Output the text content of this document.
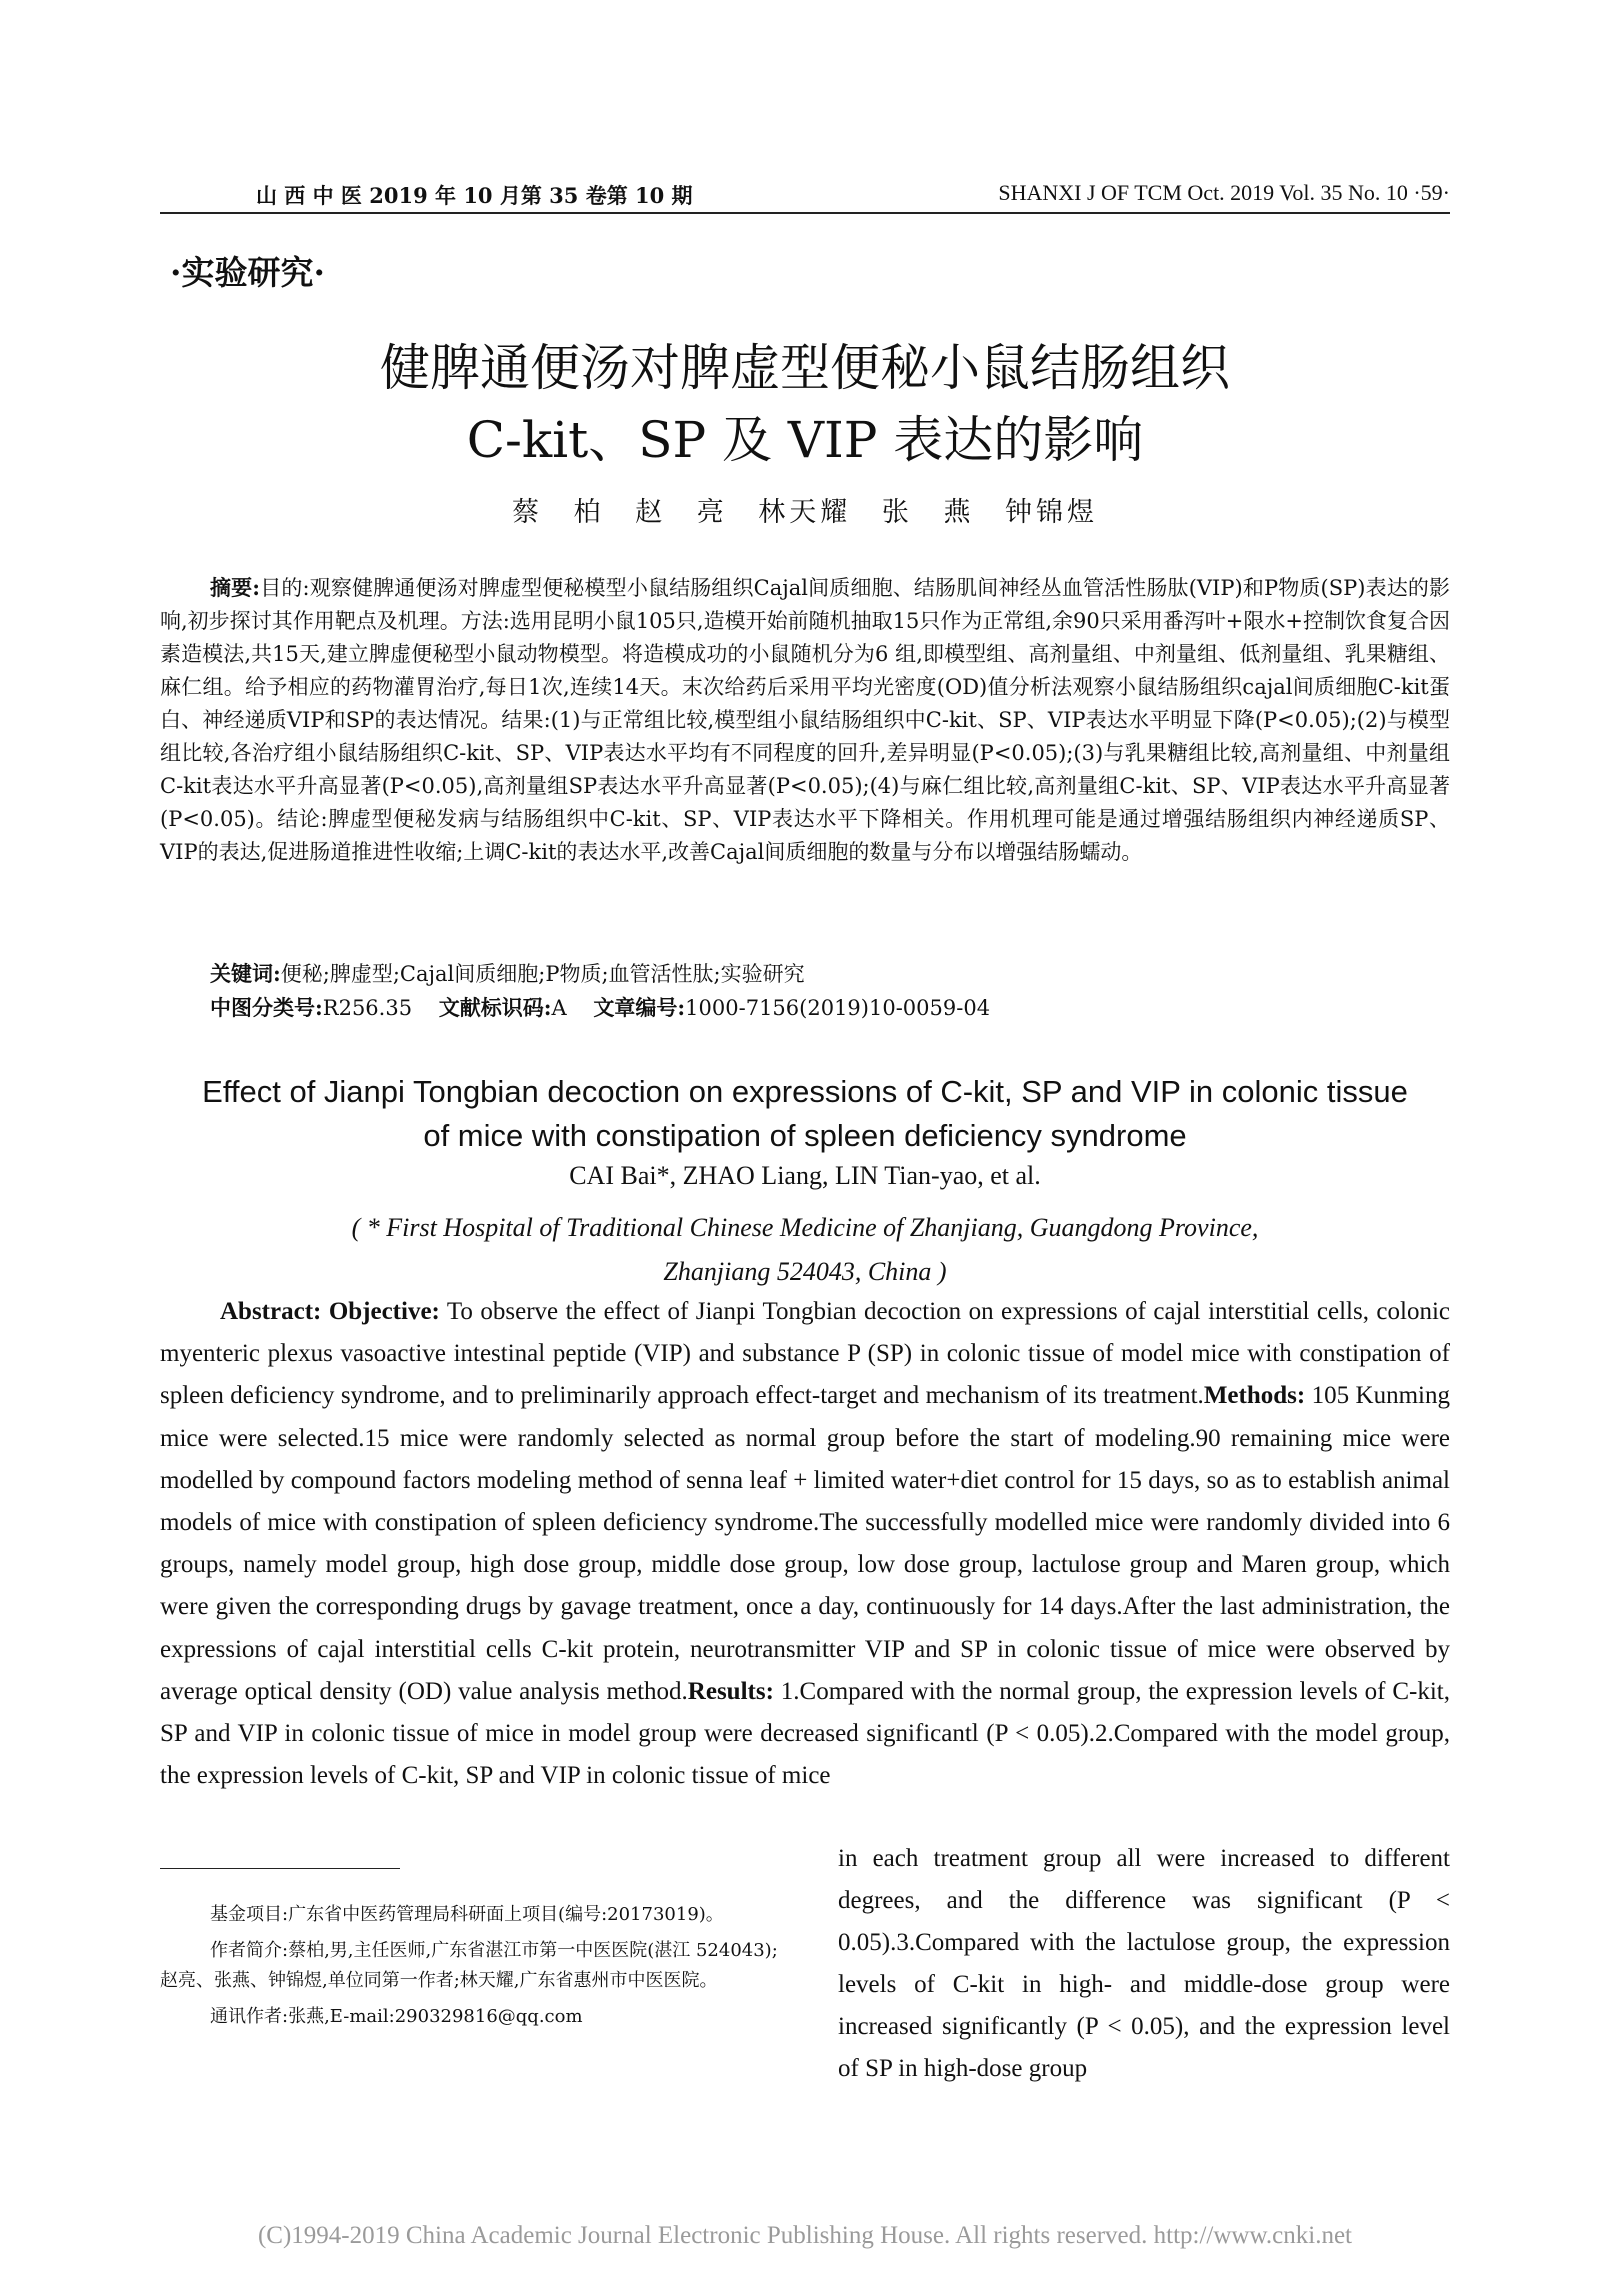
山 西 中 医 2019 年 10 月第 35 卷第 10 期	SHANXI J OF TCM Oct. 2019 Vol. 35 No. 10 ·59·
·实验研究·
健脾通便汤对脾虚型便秘小鼠结肠组织
C-kit、SP 及 VIP 表达的影响
蔡 柏 赵 亮 林天耀 张 燕 钟锦煜
摘要:目的:观察健脾通便汤对脾虚型便秘模型小鼠结肠组织Cajal间质细胞、结肠肌间神经丛血管活性肠肽(VIP)和P物质(SP)表达的影响,初步探讨其作用靶点及机理。方法:选用昆明小鼠105只,造模开始前随机抽取15只作为正常组,余90只采用番泻叶+限水+控制饮食复合因素造模法,共15天,建立脾虚便秘型小鼠动物模型。将造模成功的小鼠随机分为6 组,即模型组、高剂量组、中剂量组、低剂量组、乳果糖组、麻仁组。给予相应的药物灌胃治疗,每日1次,连续14天。末次给药后采用平均光密度(OD)值分析法观察小鼠结肠组织cajal间质细胞C-kit蛋白、神经递质VIP和SP的表达情况。结果:(1)与正常组比较,模型组小鼠结肠组织中C-kit、SP、VIP表达水平明显下降(P<0.05);(2)与模型组比较,各治疗组小鼠结肠组织C-kit、SP、VIP表达水平均有不同程度的回升,差异明显(P<0.05);(3)与乳果糖组比较,高剂量组、中剂量组C-kit表达水平升高显著(P<0.05),高剂量组SP表达水平升高显著(P<0.05);(4)与麻仁组比较,高剂量组C-kit、SP、VIP表达水平升高显著(P<0.05)。结论:脾虚型便秘发病与结肠组织中C-kit、SP、VIP表达水平下降相关。作用机理可能是通过增强结肠组织内神经递质SP、VIP的表达,促进肠道推进性收缩;上调C-kit的表达水平,改善Cajal间质细胞的数量与分布以增强结肠蠕动。
关键词:便秘;脾虚型;Cajal间质细胞;P物质;血管活性肽;实验研究
中图分类号:R256.35 文献标识码:A 文章编号:1000-7156(2019)10-0059-04
Effect of Jianpi Tongbian decoction on expressions of C-kit, SP and VIP in colonic tissue
of mice with constipation of spleen deficiency syndrome
CAI Bai*, ZHAO Liang, LIN Tian-yao, et al.
( * First Hospital of Traditional Chinese Medicine of Zhanjiang, Guangdong Province,
Zhanjiang 524043, China )
Abstract: Objective: To observe the effect of Jianpi Tongbian decoction on expressions of cajal interstitial cells, colonic myenteric plexus vasoactive intestinal peptide (VIP) and substance P (SP) in colonic tissue of model mice with constipation of spleen deficiency syndrome, and to preliminarily approach effect-target and mechanism of its treatment.Methods: 105 Kunming mice were selected.15 mice were randomly selected as normal group before the start of modeling.90 remaining mice were modelled by compound factors modeling method of senna leaf + limited water+diet control for 15 days, so as to establish animal models of mice with constipation of spleen deficiency syndrome.The successfully modelled mice were randomly divided into 6 groups, namely model group, high dose group, middle dose group, low dose group, lactulose group and Maren group, which were given the corresponding drugs by gavage treatment, once a day, continuously for 14 days.After the last administration, the expressions of cajal interstitial cells C-kit protein, neurotransmitter VIP and SP in colonic tissue of mice were observed by average optical density (OD) value analysis method.Results: 1.Compared with the normal group, the expression levels of C-kit, SP and VIP in colonic tissue of mice in model group were decreased significantl (P < 0.05).2.Compared with the model group, the expression levels of C-kit, SP and VIP in colonic tissue of mice
in each treatment group all were increased to different degrees, and the difference was significant (P < 0.05).3.Compared with the lactulose group, the expression levels of C-kit in high- and middle-dose group were increased significantly (P < 0.05), and the expression level of SP in high-dose group

基金项目:广东省中医药管理局科研面上项目(编号:20173019)。

作者简介:蔡柏,男,主任医师,广东省湛江市第一中医医院(湛江 524043);赵亮、张燕、钟锦煜,单位同第一作者;林天耀,广东省惠州市中医医院。

通讯作者:张燕,E-mail:290329816@qq.com

(C)1994-2019 China Academic Journal Electronic Publishing House. All rights reserved. http://www.cnki.net
